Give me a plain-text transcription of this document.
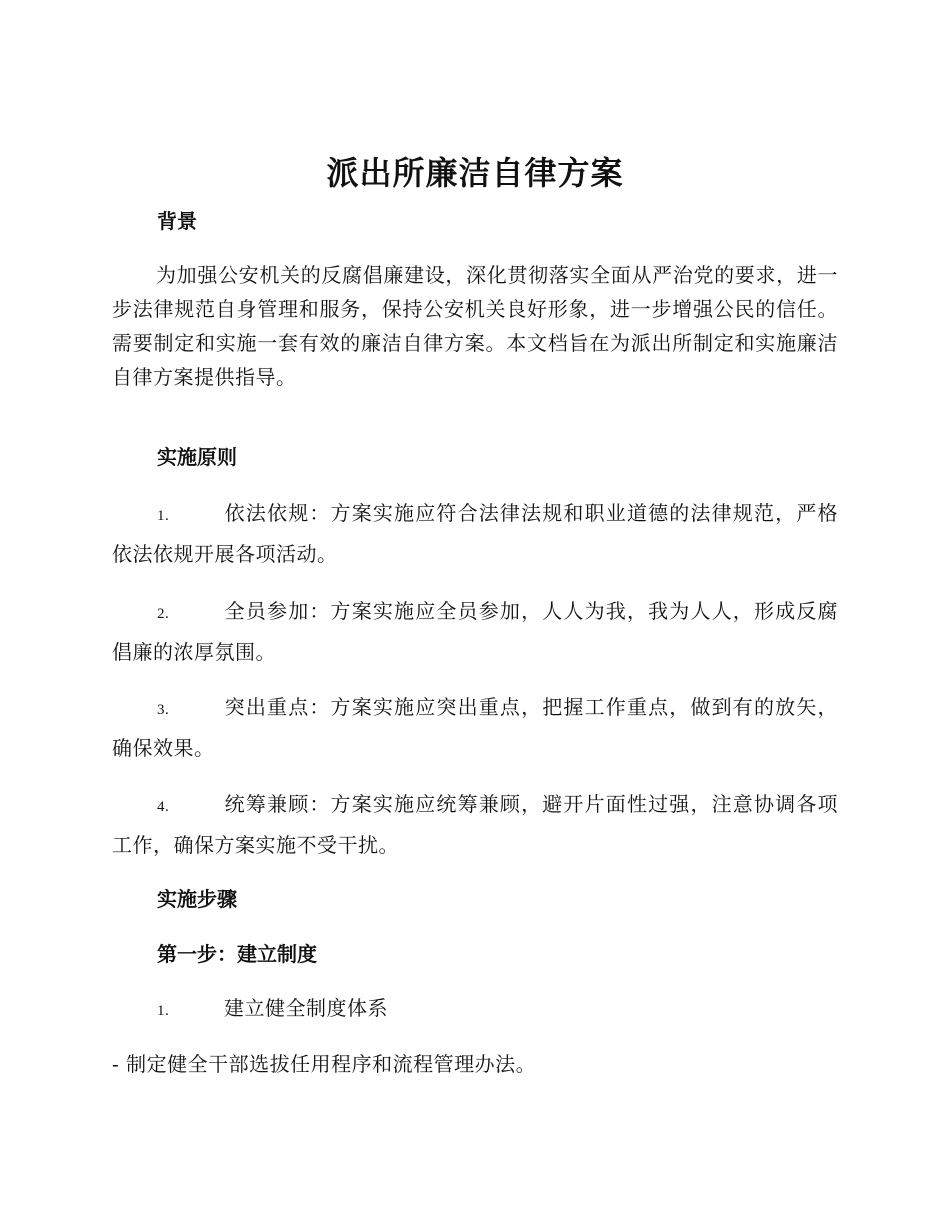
派出所廉洁自律方案
背景

为加强公安机关的反腐倡廉建设，深化贯彻落实全面从严治党的要求，进一步法律规范自身管理和服务，保持公安机关良好形象，进一步增强公民的信任。需要制定和实施一套有效的廉洁自律方案。本文档旨在为派出所制定和实施廉洁自律方案提供指导。

实施原则

1.	依法依规：方案实施应符合法律法规和职业道德的法律规范，严格依法依规开展各项活动。

2.	全员参加：方案实施应全员参加，人人为我，我为人人，形成反腐倡廉的浓厚氛围。

3.	突出重点：方案实施应突出重点，把握工作重点，做到有的放矢，确保效果。

4.	统筹兼顾：方案实施应统筹兼顾，避开片面性过强，注意协调各项工作，确保方案实施不受干扰。

实施步骤
第一步：建立制度

1.	建立健全制度体系

- 制定健全干部选拔任用程序和流程管理办法。
